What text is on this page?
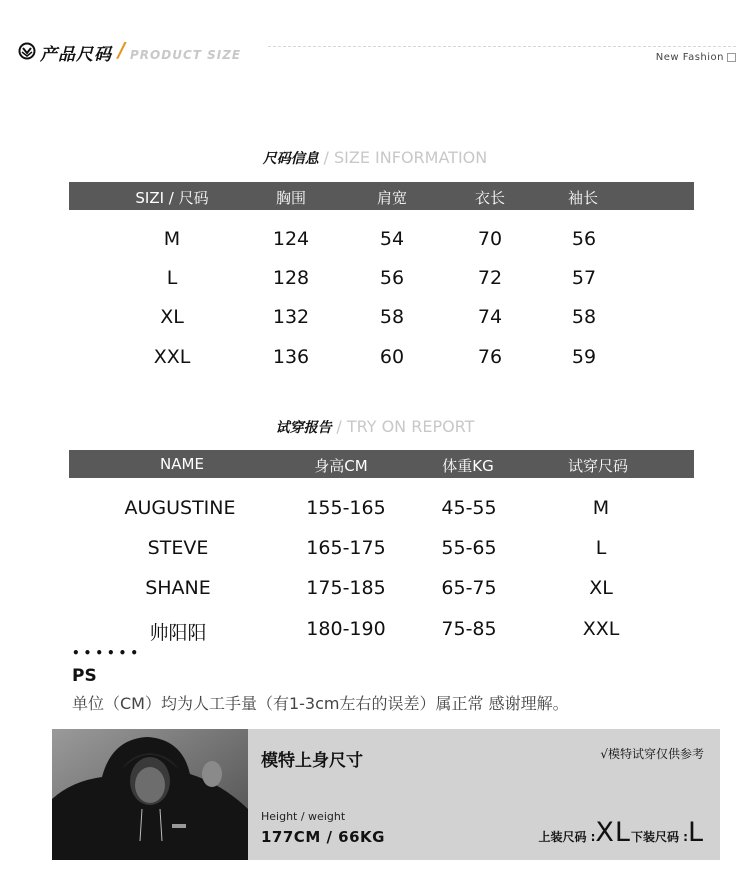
产品尺码 / PRODUCT SIZE	New Fashion
尺码信息 / SIZE INFORMATION
SIZI / 尺码	胸围	肩宽	衣长	袖长
M	124	54	70	56
L	128	56	72	57
XL	132	58	74	58
XXL	136	60	76	59
试穿报告 / TRY ON REPORT
NAME	身高CM	体重KG	试穿尺码
AUGUSTINE	155-165	45-55	M
STEVE	165-175	55-65	L
SHANE	175-185	65-75	XL
帅阳阳	180-190	75-85	XXL
••••••
PS
单位（CM）均为人工手量（有1-3cm左右的误差）属正常 感谢理解。
模特上身尺寸	√模特试穿仅供参考
Height / weight
177CM / 66KG	上装尺码 :XL下装尺码 :L
